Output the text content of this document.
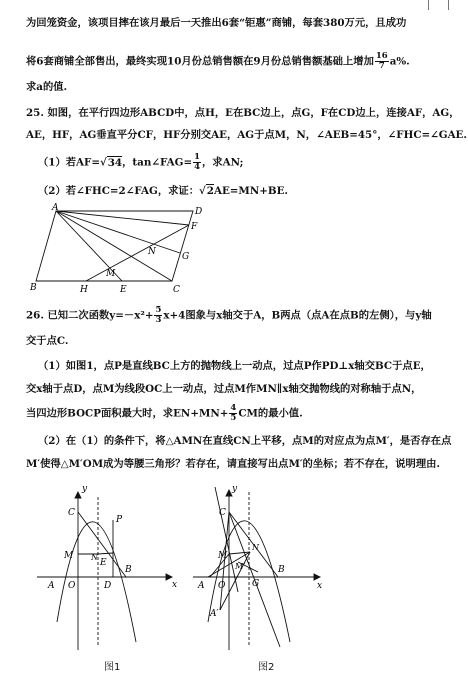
为回笼资金，该项目摔在该月最后一天推出6套“钜惠”商铺，每套380万元，且成功
将6套商铺全部售出，最终实现10月份总销售额在9月份总销售额基础上增加 $\frac{16}{7} a\%$.
求a的值.
25. 如图，在平行四边形ABCD中，点H，E在BC边上，点G，F在CD边上，连接AF，AG，
AE，HF，AG垂直平分CF，HF分别交AE，AG于点M，N，∠AEB=45°，∠FHC=∠GAE.
（1）若AF=√34，tan∠FAG= $\frac{1}{4}$ ，求AN;
（2）若∠FHC=2∠FAG，求证：√2AE=MN+BE.
A	D
F
G
C
B	H	E
M
N
26. 已知二次函数$y=-x^2+ \frac{5}{3} x+4$图象与x轴交于A，B两点（点A在点B的左侧），与y轴
交于点C.
（1）如图1，点P是直线BC上方的抛物线上一动点，过点P作PD⊥x轴交BC于点E，
交x轴于点D，点M为线段OC上一动点，过点M作MN∥x轴交抛物线的对称轴于点N，
当四边形BOCP面积最大时，求$EN+MN+ \frac{4}{5}$ CM的最小值.
（2）在（1）的条件下，将△AMN在直线CN上平移，点M的对应点为点M′，是否存在点
M′使得△M′OM成为等腰三角形？若存在，请直接写出点M′的坐标；若不存在，说明理由.
y
x
C
P
M N
E
A O	D
B
图1
y
x
C
M
N
M′
A O	G
B
A′
图2
